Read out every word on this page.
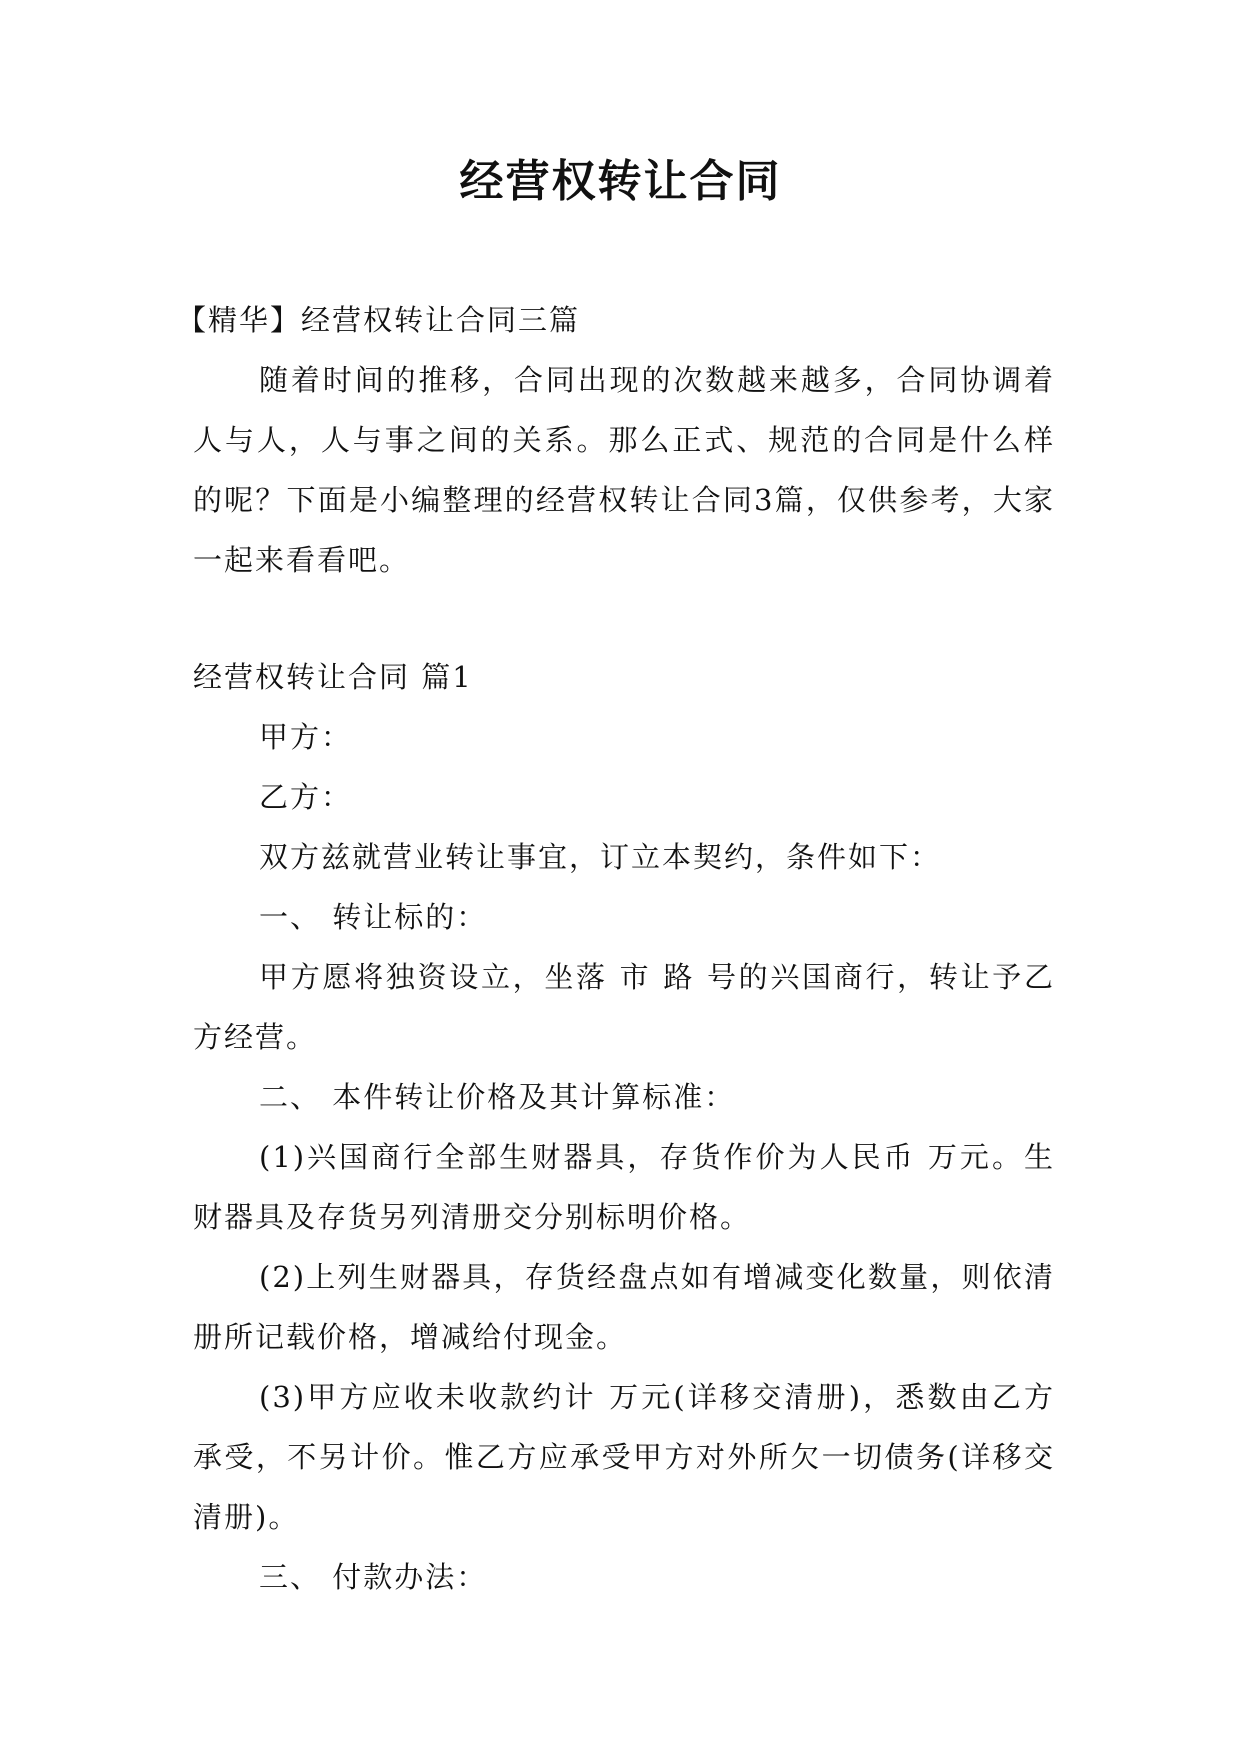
经营权转让合同

【精华】经营权转让合同三篇

随着时间的推移，合同出现的次数越来越多，合同协调着人与人，人与事之间的关系。那么正式、规范的合同是什么样的呢？下面是小编整理的经营权转让合同3篇，仅供参考，大家一起来看看吧。

经营权转让合同 篇1

甲方：

乙方：

双方兹就营业转让事宜，订立本契约，条件如下：

一、 转让标的：

甲方愿将独资设立，坐落 市 路 号的兴国商行，转让予乙方经营。

二、 本件转让价格及其计算标准：

(1)兴国商行全部生财器具，存货作价为人民币 万元。生财器具及存货另列清册交分别标明价格。

(2)上列生财器具，存货经盘点如有增减变化数量，则依清册所记载价格，增减给付现金。

(3)甲方应收未收款约计 万元(详移交清册)，悉数由乙方承受，不另计价。惟乙方应承受甲方对外所欠一切债务(详移交清册)。

三、 付款办法：
